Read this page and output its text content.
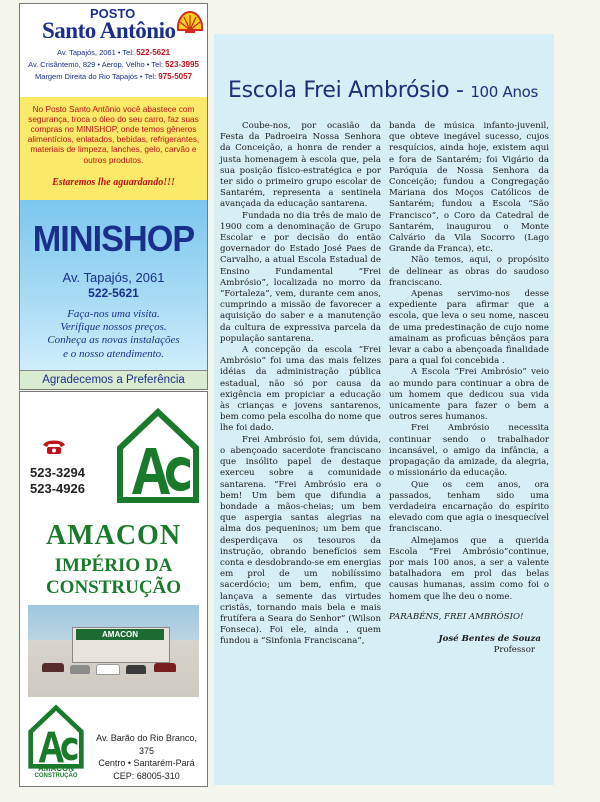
POSTO
Santo Antônio
Av. Tapajós, 2061 • Tel: 522-5621
Av. Crisântemo, 829 • Aerop. Velho • Tel: 523-3995
Margem Direita do Rio Tapajós • Tel: 975-5057
No Posto Santo Antônio você abastece com segurança, troca o óleo do seu carro, faz suas compras no MINISHOP, onde temos gêneros alimentícios, enlatados, bebidas, refrigerantes, materiais de limpeza, lanches, gelo, carvão e outros produtos.
Estaremos lhe aguardando!!!
MINISHOP
Av. Tapajós, 2061
522-5621
Faça-nos uma visita.
Verifique nossos preços.
Conheça as novas instalações
e o nosso atendimento.
Agradecemos a Preferência
523-3294
523-4926
AMACON
IMPÉRIO DA
CONSTRUÇÃO
AMACON
AMACON
CONSTRUÇÃO
Av. Barão do Rio Branco, 375
Centro • Santarém-Pará
CEP: 68005-310
Escola Frei Ambrósio - 100 Anos

Coube-nos, por ocasião da Festa da Padroeira Nossa Senhora da Conceição, a honra de render a justa homenagem à escola que, pela sua posição físico-estratégica e por ter sido o primeiro grupo escolar de Santarém, representa a sentinela avançada da educação santarena.

Fundada no dia três de maio de 1900 com a denominação de Grupo Escolar e por decisão do então governador do Estado José Paes de Carvalho, a atual Escola Estadual de Ensino Fundamental “Frei Ambrósio”, localizada no morro da “Fortaleza”, vem, durante cem anos, cumprindo a missão de favorecer a aquisição do saber e a manutenção da cultura de expressiva parcela da população santarena.

A concepção da escola “Frei Ambrósio” foi uma das mais felizes idéias da administração pública estadual, não só por causa da exigência em propiciar a educação às crianças e jovens santarenos, bem como pela escolha do nome que lhe foi dado.

Frei Ambrósio foi, sem dúvida, o abençoado sacerdote franciscano que insólito papel de destaque exerceu sobre a comunidade santarena. “Frei Ambrósio era o bem! Um bem que difundia a bondade a mãos-cheias; um bem que aspergia santas alegrias na alma dos pequeninos; um bem que desperdiçava os tesouros da instrução, obrando benefícios sem conta e desdobrando-se em energias em prol de um nobilíssimo sacerdócio; um bem, enfim, que lançava a semente das virtudes cristãs, tornando mais bela e mais frutífera a Seara do Senhor” (Wilson Fonseca). Foi ele, ainda , quem fundou a “Sinfonia Franciscana”,

banda de música infanto-juvenil, que obteve inegável sucesso, cujos resquícios, ainda hoje, existem aqui e fora de Santarém; foi Vigário da Paróquia de Nossa Senhora da Conceição; fundou a Congregação Mariana dos Moços Católicos de Santarém; fundou a Escola “São Francisco”, o Coro da Catedral de Santarém, inaugurou o Monte Calvário da Vila Socorro (Lago Grande da Franca), etc.

Não temos, aqui, o propósito de delinear as obras do saudoso franciscano.

Apenas servimo-nos desse expediente para afirmar que a escola, que leva o seu nome, nasceu de uma predestinação de cujo nome amainam as proficuas bênçãos para levar a cabo a abençoada finalidade para a qual foi concebida .

A Escola “Frei Ambrósio” veio ao mundo para continuar a obra de um homem que dedicou sua vida unicamente para fazer o bem a outros seres humanos.

Frei Ambrósio necessita continuar sendo o trabalhador incansável, o amigo da infância, a propagação da amizade, da alegria, o missionário da educação.

Que os cem anos, ora passados, tenham sido uma verdadeira encarnação do espírito elevado com que agia o inesquecível franciscano.

Almejamos que a querida Escola “Frei Ambrósio”continue, por mais 100 anos, a ser a valente batalhadora em prol das belas causas humanas, assim como foi o homem que lhe deu o nome.

PARABÉNS, FREI AMBRÓSIO!

José Bentes de Souza

Professor
